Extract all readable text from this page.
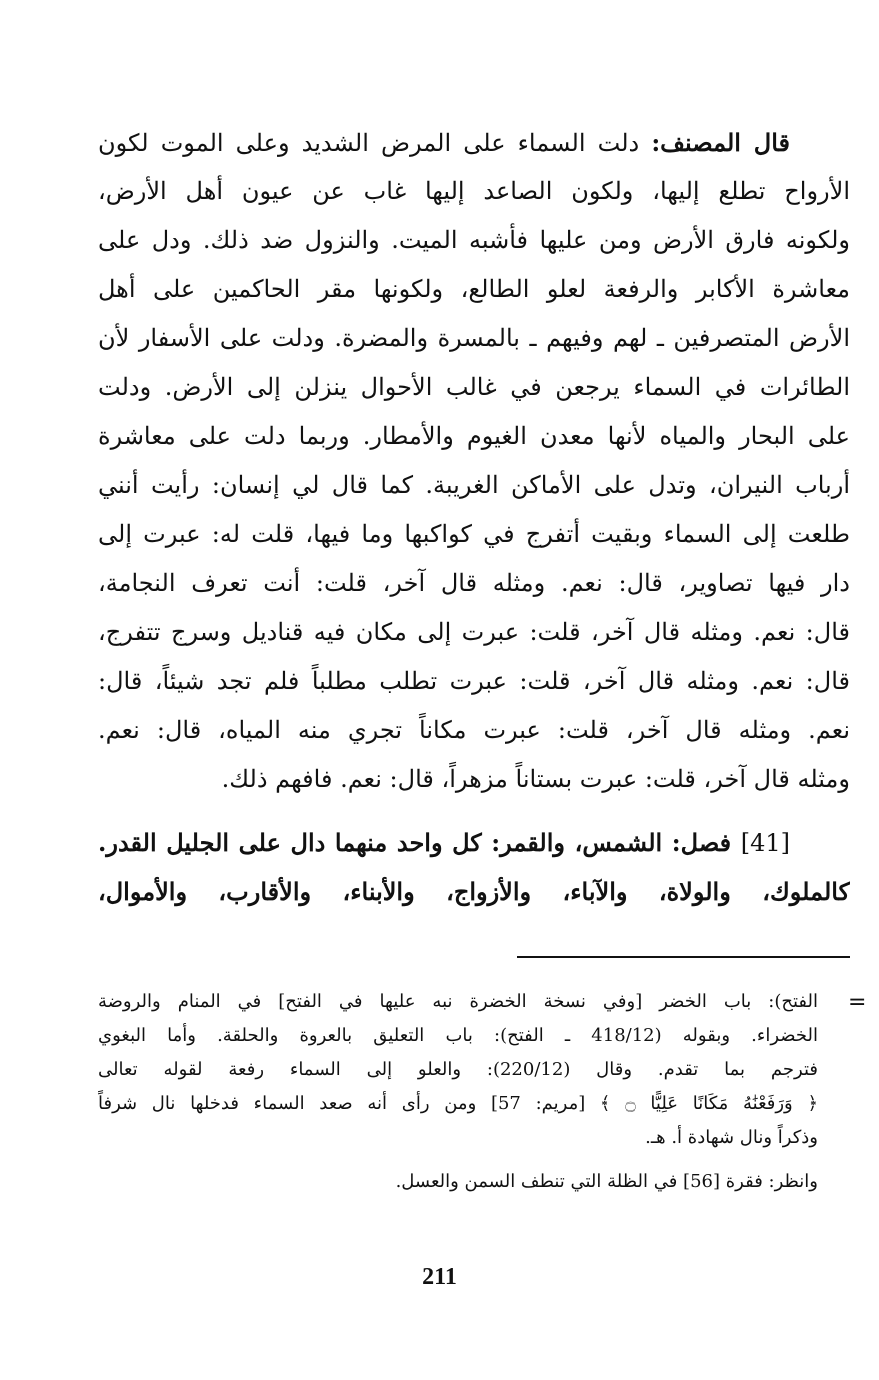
قال المصنف: دلت السماء على المرض الشديد وعلى الموت لكون
الأرواح تطلع إليها، ولكون الصاعد إليها غاب عن عيون أهل الأرض،
ولكونه فارق الأرض ومن عليها فأشبه الميت. والنزول ضد ذلك. ودل على
معاشرة الأكابر والرفعة لعلو الطالع، ولكونها مقر الحاكمين على أهل
الأرض المتصرفين ـ لهم وفيهم ـ بالمسرة والمضرة. ودلت على الأسفار لأن
الطائرات في السماء يرجعن في غالب الأحوال ينزلن إلى الأرض. ودلت
على البحار والمياه لأنها معدن الغيوم والأمطار. وربما دلت على معاشرة
أرباب النيران، وتدل على الأماكن الغريبة. كما قال لي إنسان: رأيت أنني
طلعت إلى السماء وبقيت أتفرج في كواكبها وما فيها، قلت له: عبرت إلى
دار فيها تصاوير، قال: نعم. ومثله قال آخر، قلت: أنت تعرف النجامة،
قال: نعم. ومثله قال آخر، قلت: عبرت إلى مكان فيه قناديل وسرج تتفرج،
قال: نعم. ومثله قال آخر، قلت: عبرت تطلب مطلباً فلم تجد شيئاً، قال:
نعم. ومثله قال آخر، قلت: عبرت مكاناً تجري منه المياه، قال: نعم.
ومثله قال آخر، قلت: عبرت بستاناً مزهراً، قال: نعم. فافهم ذلك.
[41] فصل: الشمس، والقمر: كل واحد منهما دال على الجليل القدر.
كالملوك، والولاة، والآباء، والأزواج، والأبناء، والأقارب، والأموال،
=
الفتح): باب الخضر [وفي نسخة الخضرة نبه عليها في الفتح] في المنام والروضة
الخضراء. وبقوله (418/12 ـ الفتح): باب التعليق بالعروة والحلقة. وأما البغوي
فترجم بما تقدم. وقال (220/12): والعلو إلى السماء رفعة لقوله تعالى
﴿ وَرَفَعْنَٰهُ مَكَانًا عَلِيًّا ۝ ﴾ [مريم: 57] ومن رأى أنه صعد السماء فدخلها نال شرفاً
وذكراً ونال شهادة أ. هـ.
وانظر: فقرة [56] في الظلة التي تنطف السمن والعسل.
211
